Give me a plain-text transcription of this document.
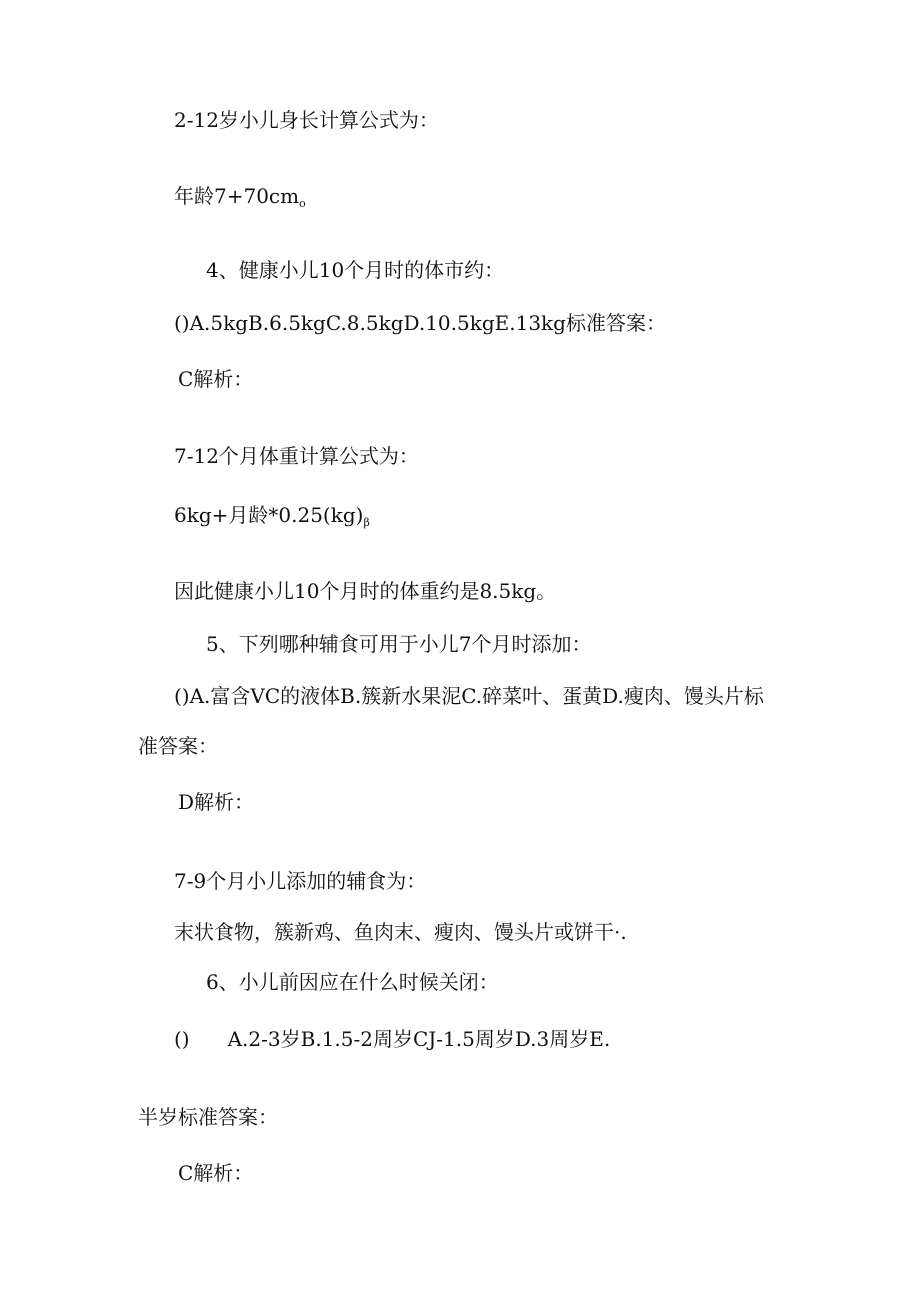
2-12岁小儿身长计算公式为：

年龄$7+70cm_o$

4、健康小儿10个月时的体市约：

()A.5kgB.6.5kgC.8.5kgD.10.5kgE.13kg标准答案：

C解析：

7-12个月体重计算公式为：

6kg+月龄$*0.25(kg)_\beta$

因此健康小儿10个月时的体重约是8.5kg。

5、下列哪种辅食可用于小儿7个月时添加：

()A.富含VC的液体B.簇新水果泥C.碎菜叶、蛋黄D.瘦肉、馒头片标

准答案：

D解析：

7-9个月小儿添加的辅食为：

末状食物，簇新鸡、鱼肉末、瘦肉、馒头片或饼干·.

6、小儿前因应在什么时候关闭：

() A.2-3岁B.1.5-2周岁CJ-1.5周岁D.3周岁E.

半岁标准答案：

C解析：
